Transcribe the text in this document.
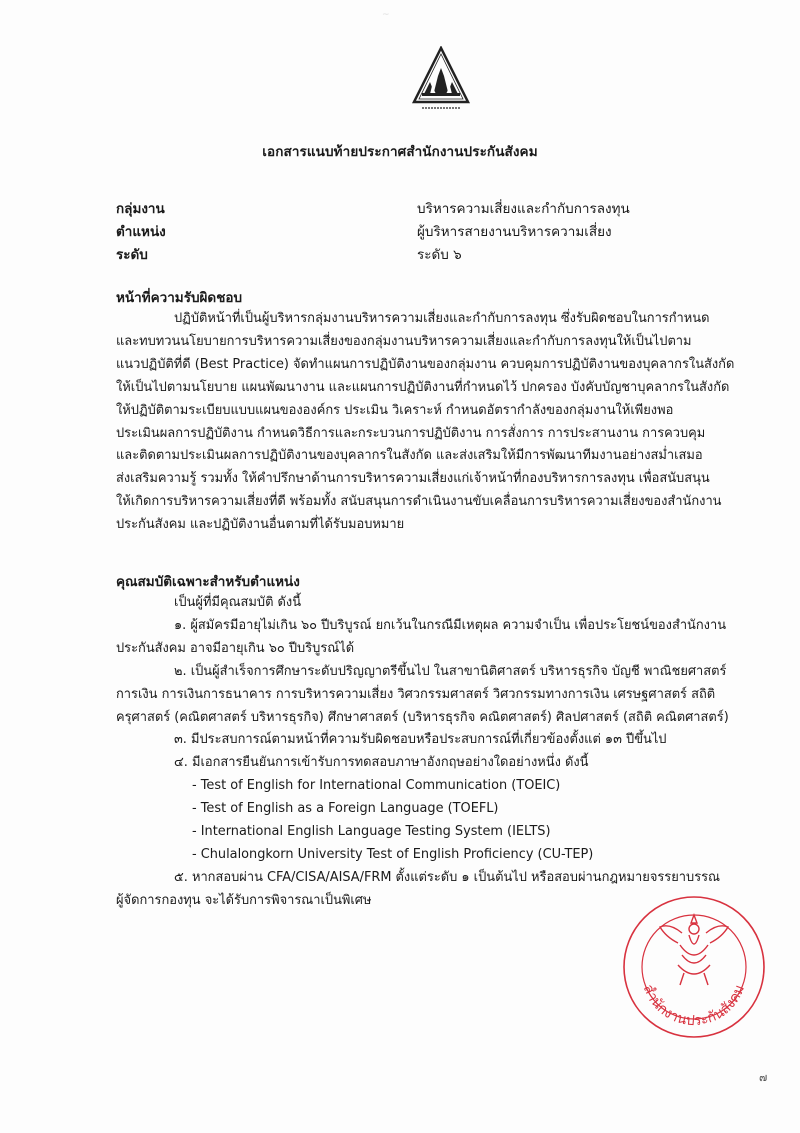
~
เอกสารแนบท้ายประกาศสำนักงานประกันสังคม
กลุ่มงาน	บริหารความเสี่ยงและกำกับการลงทุน
ตำแหน่ง	ผู้บริหารสายงานบริหารความเสี่ยง
ระดับ	ระดับ ๖
หน้าที่ความรับผิดชอบ
ปฏิบัติหน้าที่เป็นผู้บริหารกลุ่มงานบริหารความเสี่ยงและกำกับการลงทุน ซึ่งรับผิดชอบในการกำหนด
และทบทวนนโยบายการบริหารความเสี่ยงของกลุ่มงานบริหารความเสี่ยงและกำกับการลงทุนให้เป็นไปตาม
แนวปฏิบัติที่ดี (Best Practice) จัดทำแผนการปฏิบัติงานของกลุ่มงาน ควบคุมการปฏิบัติงานของบุคลากรในสังกัด
ให้เป็นไปตามนโยบาย แผนพัฒนางาน และแผนการปฏิบัติงานที่กำหนดไว้ ปกครอง บังคับบัญชาบุคลากรในสังกัด
ให้ปฏิบัติตามระเบียบแบบแผนขององค์กร ประเมิน วิเคราะห์ กำหนดอัตรากำลังของกลุ่มงานให้เพียงพอ
ประเมินผลการปฏิบัติงาน กำหนดวิธีการและกระบวนการปฏิบัติงาน การสั่งการ การประสานงาน การควบคุม
และติดตามประเมินผลการปฏิบัติงานของบุคลากรในสังกัด และส่งเสริมให้มีการพัฒนาทีมงานอย่างสม่ำเสมอ
ส่งเสริมความรู้ รวมทั้ง ให้คำปรึกษาด้านการบริหารความเสี่ยงแก่เจ้าหน้าที่กองบริหารการลงทุน เพื่อสนับสนุน
ให้เกิดการบริหารความเสี่ยงที่ดี พร้อมทั้ง สนับสนุนการดำเนินงานขับเคลื่อนการบริหารความเสี่ยงของสำนักงาน
ประกันสังคม และปฏิบัติงานอื่นตามที่ได้รับมอบหมาย
คุณสมบัติเฉพาะสำหรับตำแหน่ง
เป็นผู้ที่มีคุณสมบัติ ดังนี้
๑. ผู้สมัครมีอายุไม่เกิน ๖๐ ปีบริบูรณ์ ยกเว้นในกรณีมีเหตุผล ความจำเป็น เพื่อประโยชน์ของสำนักงาน
ประกันสังคม อาจมีอายุเกิน ๖๐ ปีบริบูรณ์ได้
๒. เป็นผู้สำเร็จการศึกษาระดับปริญญาตรีขึ้นไป ในสาขานิติศาสตร์ บริหารธุรกิจ บัญชี พาณิชยศาสตร์
การเงิน การเงินการธนาคาร การบริหารความเสี่ยง วิศวกรรมศาสตร์ วิศวกรรมทางการเงิน เศรษฐศาสตร์ สถิติ
ครุศาสตร์ (คณิตศาสตร์ บริหารธุรกิจ) ศึกษาศาสตร์ (บริหารธุรกิจ คณิตศาสตร์) ศิลปศาสตร์ (สถิติ คณิตศาสตร์)
๓. มีประสบการณ์ตามหน้าที่ความรับผิดชอบหรือประสบการณ์ที่เกี่ยวข้องตั้งแต่ ๑๓ ปีขึ้นไป
๔. มีเอกสารยืนยันการเข้ารับการทดสอบภาษาอังกฤษอย่างใดอย่างหนึ่ง ดังนี้
- Test of English for International Communication (TOEIC)
- Test of English as a Foreign Language (TOEFL)
- International English Language Testing System (IELTS)
- Chulalongkorn University Test of English Proficiency (CU-TEP)
๕. หากสอบผ่าน CFA/CISA/AISA/FRM ตั้งแต่ระดับ ๑ เป็นต้นไป หรือสอบผ่านกฎหมายจรรยาบรรณ
ผู้จัดการกองทุน จะได้รับการพิจารณาเป็นพิเศษ
สำนักงานประกันสังคม
๗
